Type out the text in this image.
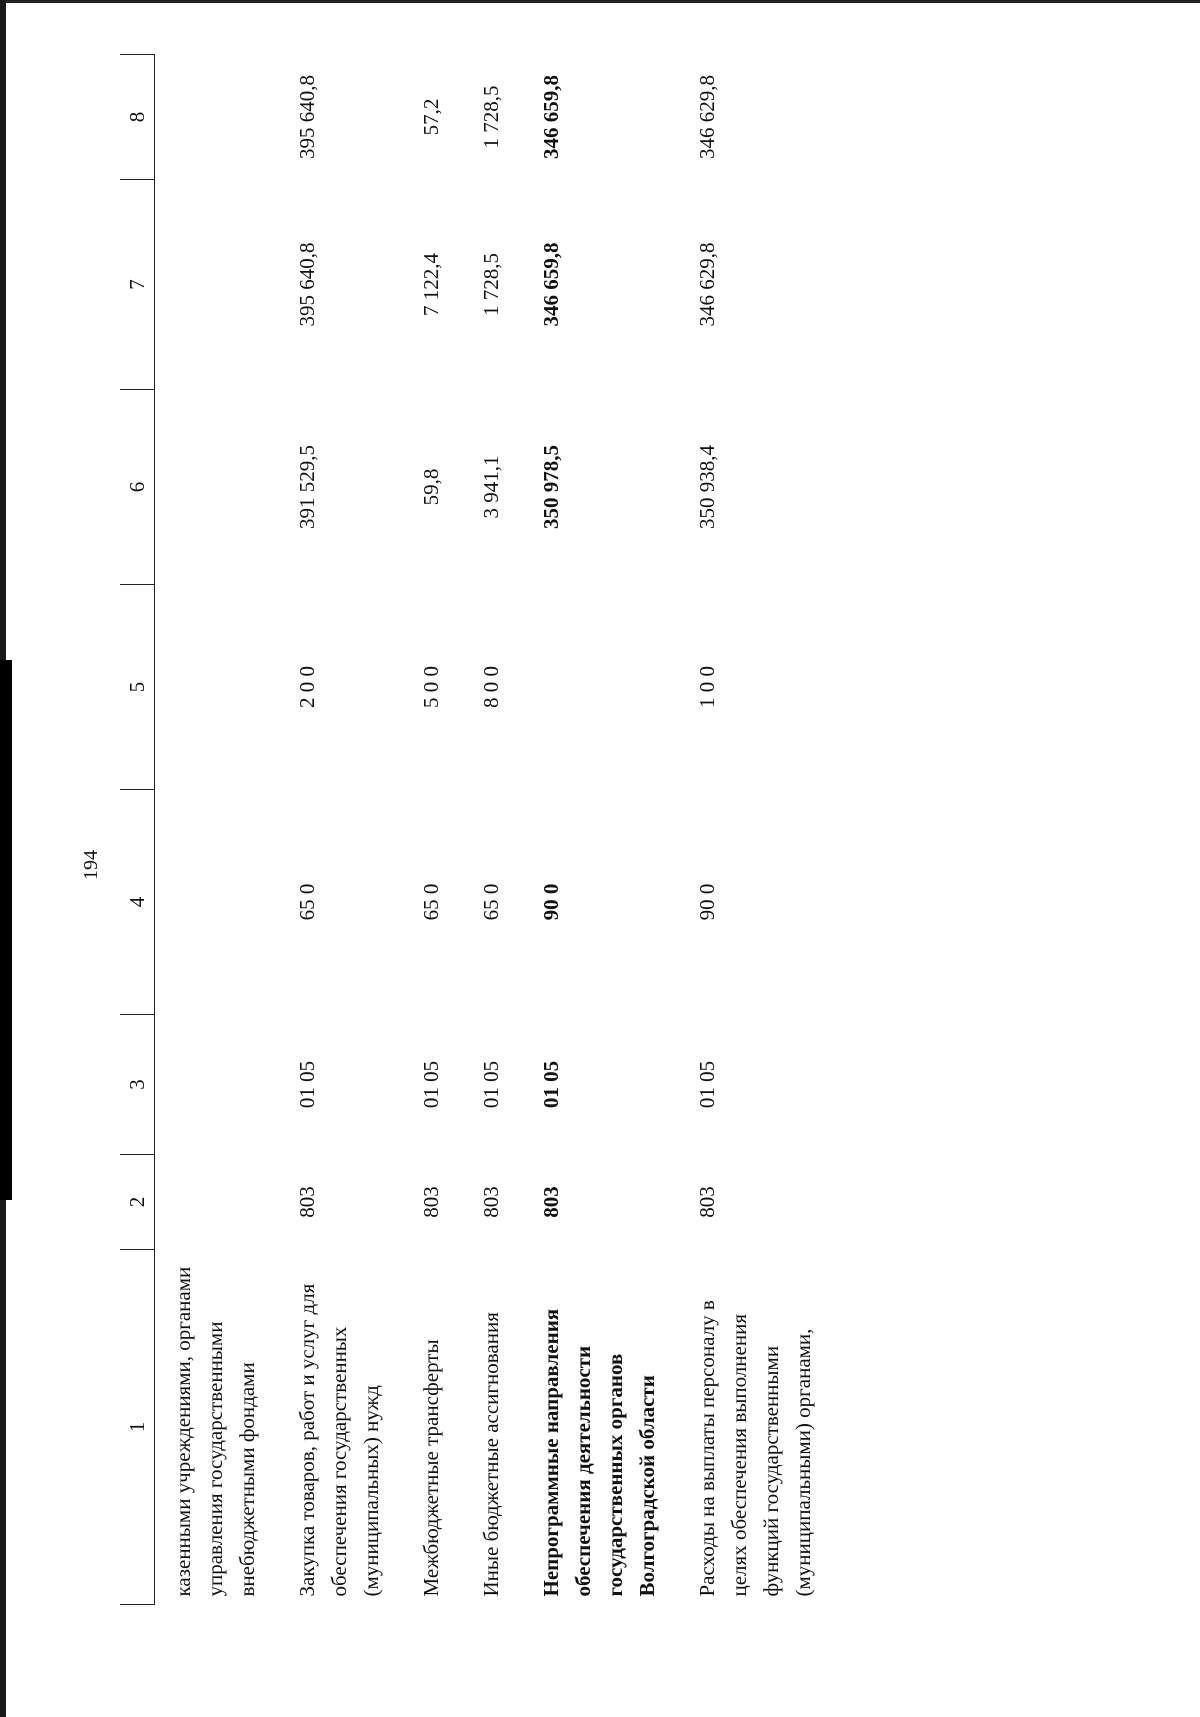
194
1	2	3	4	5	6	7	8
казенными учреждениями, органами управления государственными внебюджетными фондами							
Закупка товаров, работ и услуг для обеспечения государственных (муниципальных) нужд	803	01 05	65 0	2 0 0	391 529,5	395 640,8	395 640,8
Межбюджетные трансферты	803	01 05	65 0	5 0 0	59,8	7 122,4	57,2
Иные бюджетные ассигнования	803	01 05	65 0	8 0 0	3 941,1	1 728,5	1 728,5
Непрограммные направления обеспечения деятельности государственных органов Волгоградской области	803	01 05	90 0		350 978,5	346 659,8	346 659,8
Расходы на выплаты персоналу в целях обеспечения выполнения функций государственными (муниципальными) органами,	803	01 05	90 0	1 0 0	350 938,4	346 629,8	346 629,8
